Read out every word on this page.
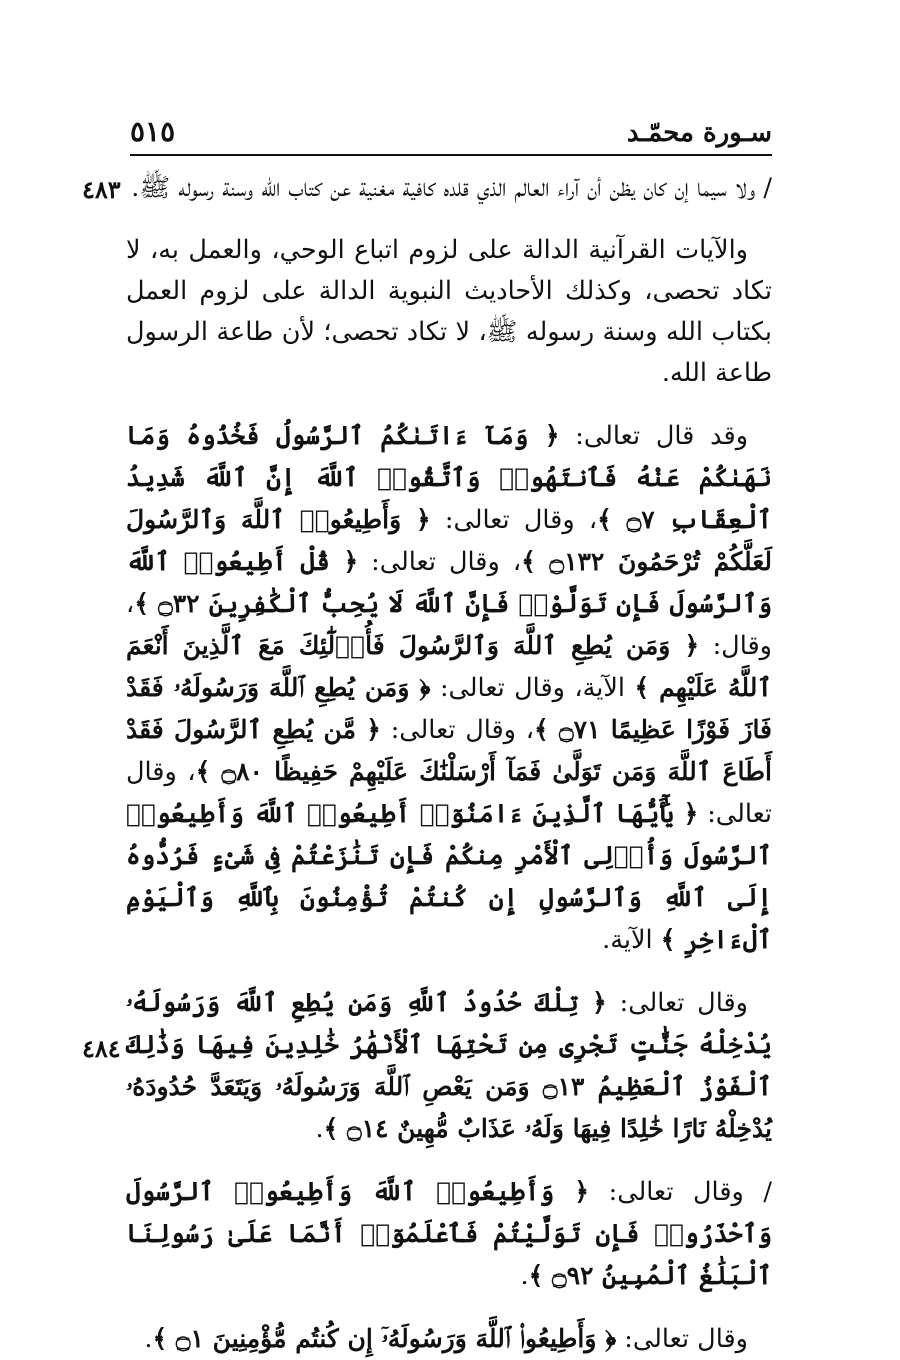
٥١٥	سـورة محمّـد
٤٨٣
٤٨٤

/ ولا سيما إن كان يظن أن آراء العالم الذي قلده كافية مغنية عن كتاب الله وسنة رسوله ﷺ.

والآيات القرآنية الدالة على لزوم اتباع الوحي، والعمل به، لا تكاد تحصى، وكذلك الأحاديث النبوية الدالة على لزوم العمل بكتاب الله وسنة رسوله ﷺ، لا تكاد تحصى؛ لأن طاعة الرسول طاعة الله.

وقد قال تعالى: ﴿ وَمَآ ءَاتَىٰكُمُ ٱلرَّسُولُ فَخُذُوهُ وَمَا نَهَىٰكُمْ عَنْهُ فَٱنتَهُوا۟ وَٱتَّقُوا۟ ٱللَّهَ إِنَّ ٱللَّهَ شَدِيدُ ٱلْعِقَابِ ۝٧ ﴾، وقال تعالى: ﴿ وَأَطِيعُوا۟ ٱللَّهَ وَٱلرَّسُولَ لَعَلَّكُمْ تُرْحَمُونَ ۝١٣٢ ﴾، وقال تعالى: ﴿ قُلْ أَطِيعُوا۟ ٱللَّهَ وَٱلرَّسُولَ فَإِن تَوَلَّوْا۟ فَإِنَّ ٱللَّهَ لَا يُحِبُّ ٱلْكَٰفِرِينَ ۝٣٢ ﴾، وقال: ﴿ وَمَن يُطِعِ ٱللَّهَ وَٱلرَّسُولَ فَأُو۟لَٰٓئِكَ مَعَ ٱلَّذِينَ أَنْعَمَ ٱللَّهُ عَلَيْهِم ﴾ الآية، وقال تعالى: ﴿ وَمَن يُطِعِ ٱللَّهَ وَرَسُولَهُۥ فَقَدْ فَازَ فَوْزًا عَظِيمًا ۝٧١ ﴾، وقال تعالى: ﴿ مَّن يُطِعِ ٱلرَّسُولَ فَقَدْ أَطَاعَ ٱللَّهَ وَمَن تَوَلَّىٰ فَمَآ أَرْسَلْنَٰكَ عَلَيْهِمْ حَفِيظًا ۝٨٠ ﴾، وقال تعالى: ﴿ يَٰٓأَيُّهَا ٱلَّذِينَ ءَامَنُوٓا۟ أَطِيعُوا۟ ٱللَّهَ وَأَطِيعُوا۟ ٱلرَّسُولَ وَأُو۟لِى ٱلْأَمْرِ مِنكُمْ فَإِن تَنَٰزَعْتُمْ فِى شَىْءٍ فَرُدُّوهُ إِلَى ٱللَّهِ وَٱلرَّسُولِ إِن كُنتُمْ تُؤْمِنُونَ بِٱللَّهِ وَٱلْيَوْمِ ٱلْءَاخِرِ ﴾ الآية.

وقال تعالى: ﴿ تِلْكَ حُدُودُ ٱللَّهِ وَمَن يُطِعِ ٱللَّهَ وَرَسُولَهُۥ يُدْخِلْهُ جَنَّٰتٍ تَجْرِى مِن تَحْتِهَا ٱلْأَنْهَٰرُ خَٰلِدِينَ فِيهَا وَذَٰلِكَ ٱلْفَوْزُ ٱلْعَظِيمُ ۝١٣ وَمَن يَعْصِ ٱللَّهَ وَرَسُولَهُۥ وَيَتَعَدَّ حُدُودَهُۥ يُدْخِلْهُ نَارًا خَٰلِدًا فِيهَا وَلَهُۥ عَذَابٌ مُّهِينٌ ۝١٤ ﴾.

/ وقال تعالى: ﴿ وَأَطِيعُوا۟ ٱللَّهَ وَأَطِيعُوا۟ ٱلرَّسُولَ وَٱحْذَرُوا۟ فَإِن تَوَلَّيْتُمْ فَٱعْلَمُوٓا۟ أَنَّمَا عَلَىٰ رَسُولِنَا ٱلْبَلَٰغُ ٱلْمُبِينُ ۝٩٢ ﴾.

وقال تعالى: ﴿ وَأَطِيعُوا۟ ٱللَّهَ وَرَسُولَهُۥٓ إِن كُنتُم مُّؤْمِنِينَ ۝١ ﴾.
